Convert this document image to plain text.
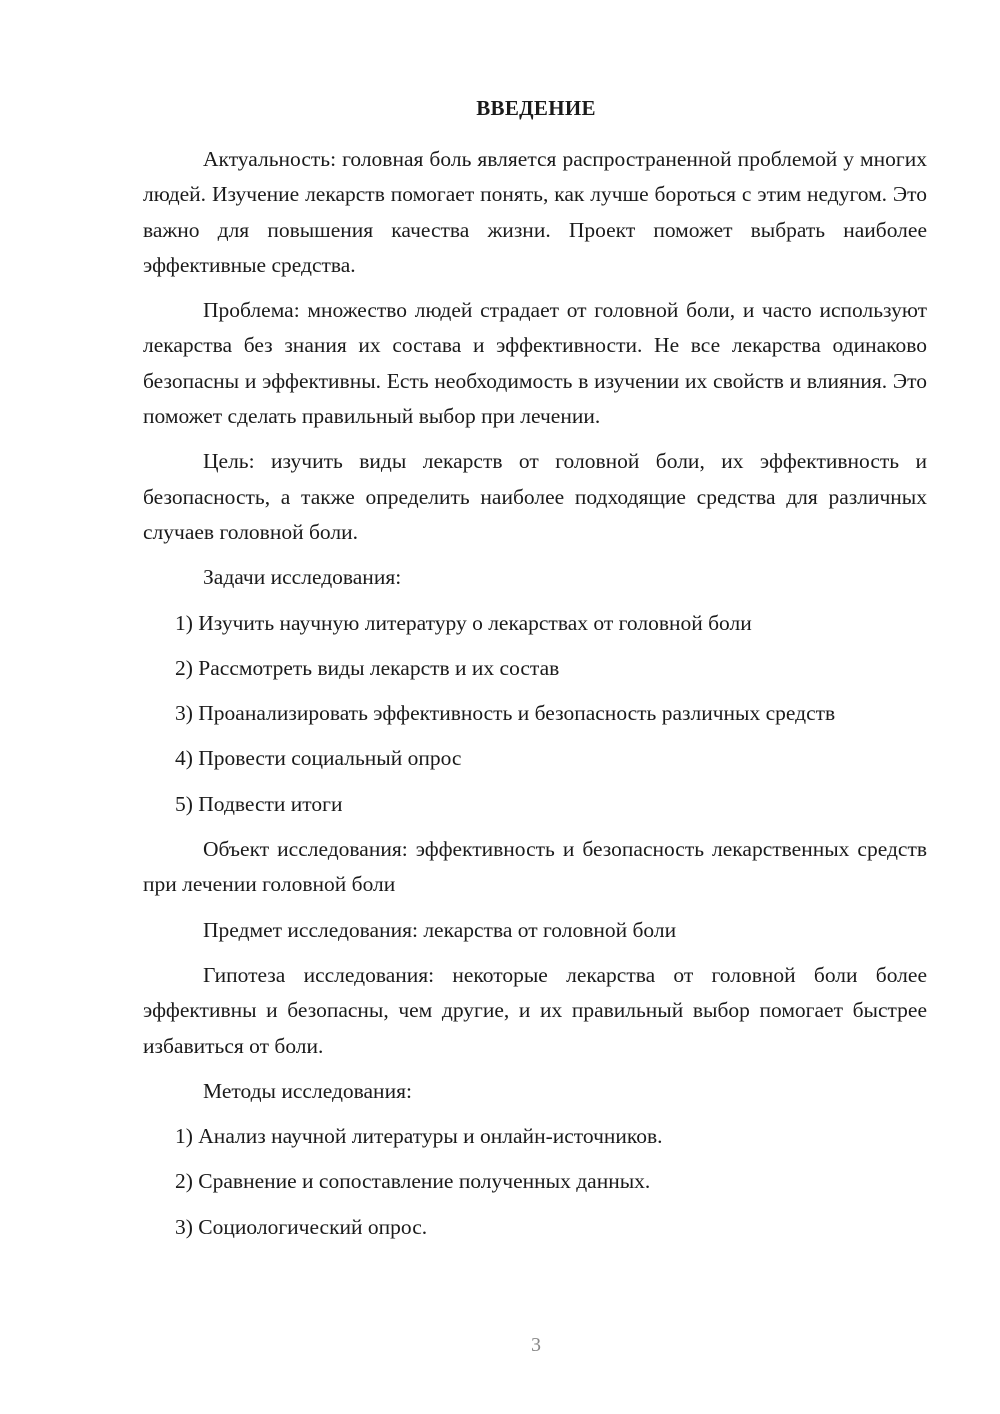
ВВЕДЕНИЕ

Актуальность: головная боль является распространенной проблемой у многих людей. Изучение лекарств помогает понять, как лучше бороться с этим недугом. Это важно для повышения качества жизни. Проект поможет выбрать наиболее эффективные средства.

Проблема: множество людей страдает от головной боли, и часто используют лекарства без знания их состава и эффективности. Не все лекарства одинаково безопасны и эффективны. Есть необходимость в изучении их свойств и влияния. Это поможет сделать правильный выбор при лечении.

Цель: изучить виды лекарств от головной боли, их эффективность и безопасность, а также определить наиболее подходящие средства для различных случаев головной боли.

Задачи исследования:

1) Изучить научную литературу о лекарствах от головной боли

2) Рассмотреть виды лекарств и их состав

3) Проанализировать эффективность и безопасность различных средств

4) Провести социальный опрос

5) Подвести итоги

Объект исследования: эффективность и безопасность лекарственных средств при лечении головной боли

Предмет исследования: лекарства от головной боли

Гипотеза исследования: некоторые лекарства от головной боли более эффективны и безопасны, чем другие, и их правильный выбор помогает быстрее избавиться от боли.

Методы исследования:

1) Анализ научной литературы и онлайн-источников.

2) Сравнение и сопоставление полученных данных.

3) Социологический опрос.

3
